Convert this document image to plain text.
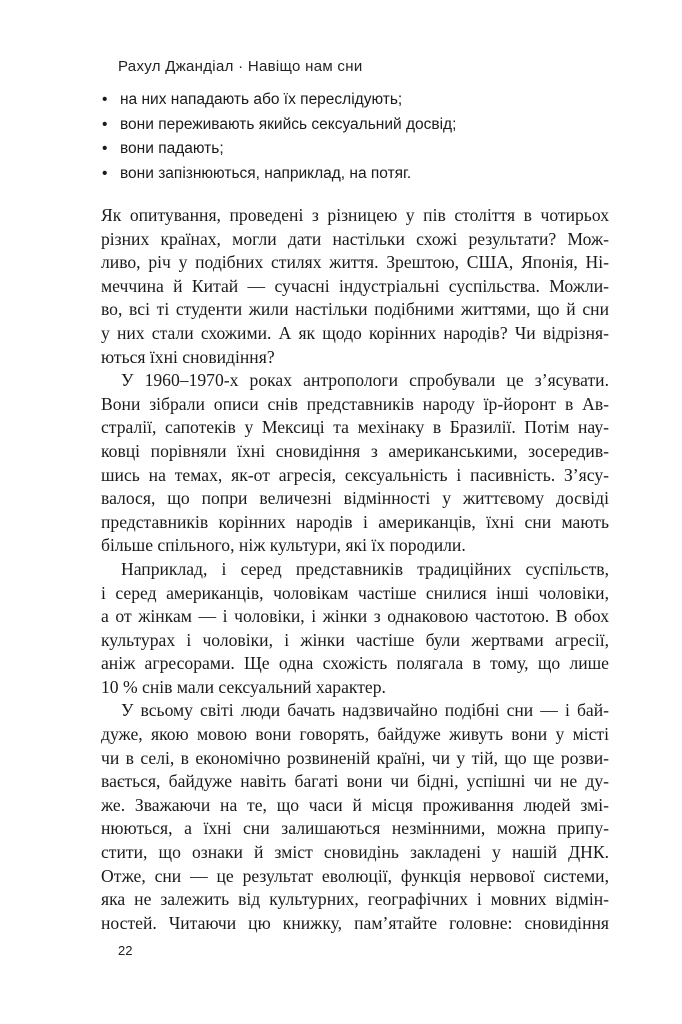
Рахул Джандіал · Навіщо нам сни
• на них нападають або їх переслідують;
• вони переживають якийсь сексуальний досвід;
• вони падають;
• вони запізнюються, наприклад, на потяг.

Як опитування, проведені з різницею у пів століття в чотирьох
різних країнах, могли дати настільки схожі результати? Мож-
ливо, річ у подібних стилях життя. Зрештою, США, Японія, Ні-
меччина й Китай — сучасні індустріальні суспільства. Можли-
во, всі ті студенти жили настільки подібними життями, що й сни
у них стали схожими. А як щодо корінних народів? Чи відрізня-
ються їхні сновидіння?

У 1960–1970-х роках антропологи спробували це з’ясувати.
Вони зібрали описи снів представників народу їр-йоронт в Ав-
стралії, сапотеків у Мексиці та мехінаку в Бразилії. Потім нау-
ковці порівняли їхні сновидіння з американськими, зосередив-
шись на темах, як-от агресія, сексуальність і пасивність. З’ясу-
валося, що попри величезні відмінності у життєвому досвіді
представників корінних народів і американців, їхні сни мають
більше спільного, ніж культури, які їх породили.

Наприклад, і серед представників традиційних суспільств,
і серед американців, чоловікам частіше снилися інші чоловіки,
а от жінкам — і чоловіки, і жінки з однаковою частотою. В обох
культурах і чоловіки, і жінки частіше були жертвами агресії,
аніж агресорами. Ще одна схожість полягала в тому, що лише
10 % снів мали сексуальний характер.

У всьому світі люди бачать надзвичайно подібні сни — і бай-
дуже, якою мовою вони говорять, байдуже живуть вони у місті
чи в селі, в економічно розвиненій країні, чи у тій, що ще розви-
вається, байдуже навіть багаті вони чи бідні, успішні чи не ду-
же. Зважаючи на те, що часи й місця проживання людей змі-
нюються, а їхні сни залишаються незмінними, можна припу-
стити, що ознаки й зміст сновидінь закладені у нашій ДНК.
Отже, сни — це результат еволюції, функція нервової системи,
яка не залежить від культурних, географічних і мовних відмін-
ностей. Читаючи цю книжку, пам’ятайте головне: сновидіння

22
